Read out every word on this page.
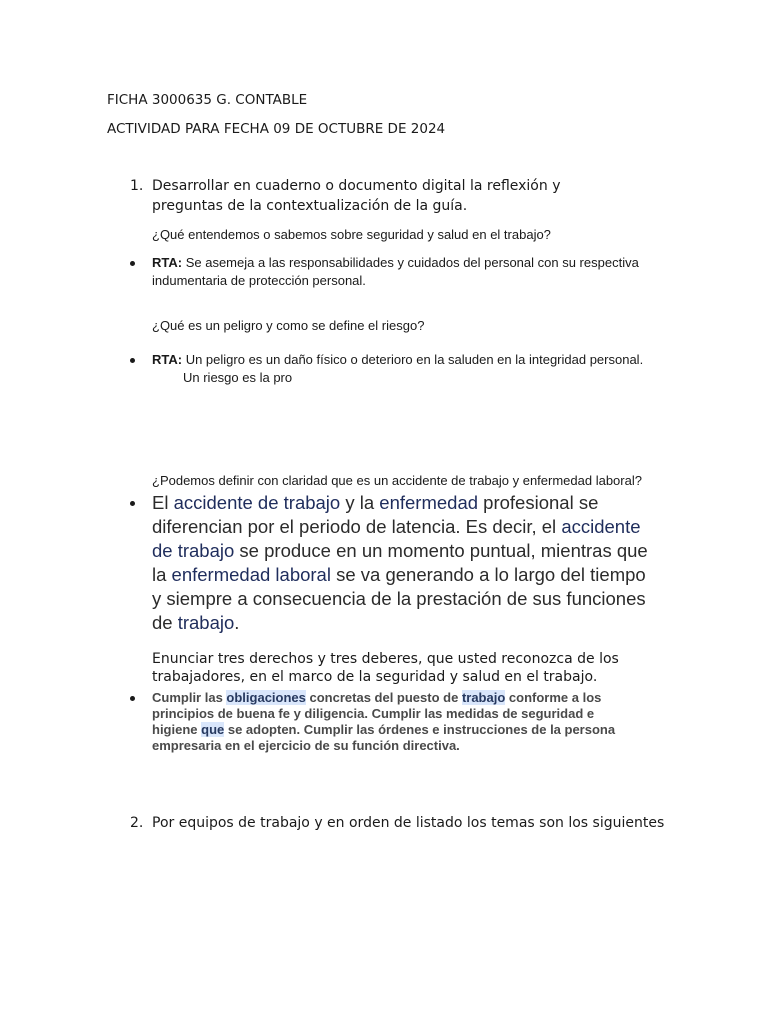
FICHA 3000635 G. CONTABLE
ACTIVIDAD PARA FECHA 09 DE OCTUBRE DE 2024
1. Desarrollar en cuaderno o documento digital la reflexión y
preguntas de la contextualización de la guía.
¿Qué entendemos o sabemos sobre seguridad y salud en el trabajo?
RTA: Se asemeja a las responsabilidades y cuidados del personal con su respectiva
indumentaria de protección personal.
¿Qué es un peligro y como se define el riesgo?
RTA: Un peligro es un daño físico o deterioro en la saluden en la integridad personal.
Un riesgo es la pro
¿Podemos definir con claridad que es un accidente de trabajo y enfermedad laboral?
El accidente de trabajo y la enfermedad profesional se
diferencian por el periodo de latencia. Es decir, el accidente
de trabajo se produce en un momento puntual, mientras que
la enfermedad laboral se va generando a lo largo del tiempo
y siempre a consecuencia de la prestación de sus funciones
de trabajo.
Enunciar tres derechos y tres deberes, que usted reconozca de los
trabajadores, en el marco de la seguridad y salud en el trabajo.
Cumplir las obligaciones concretas del puesto de trabajo conforme a los
principios de buena fe y diligencia. Cumplir las medidas de seguridad e
higiene que se adopten. Cumplir las órdenes e instrucciones de la persona
empresaria en el ejercicio de su función directiva.
2. Por equipos de trabajo y en orden de listado los temas son los siguientes
